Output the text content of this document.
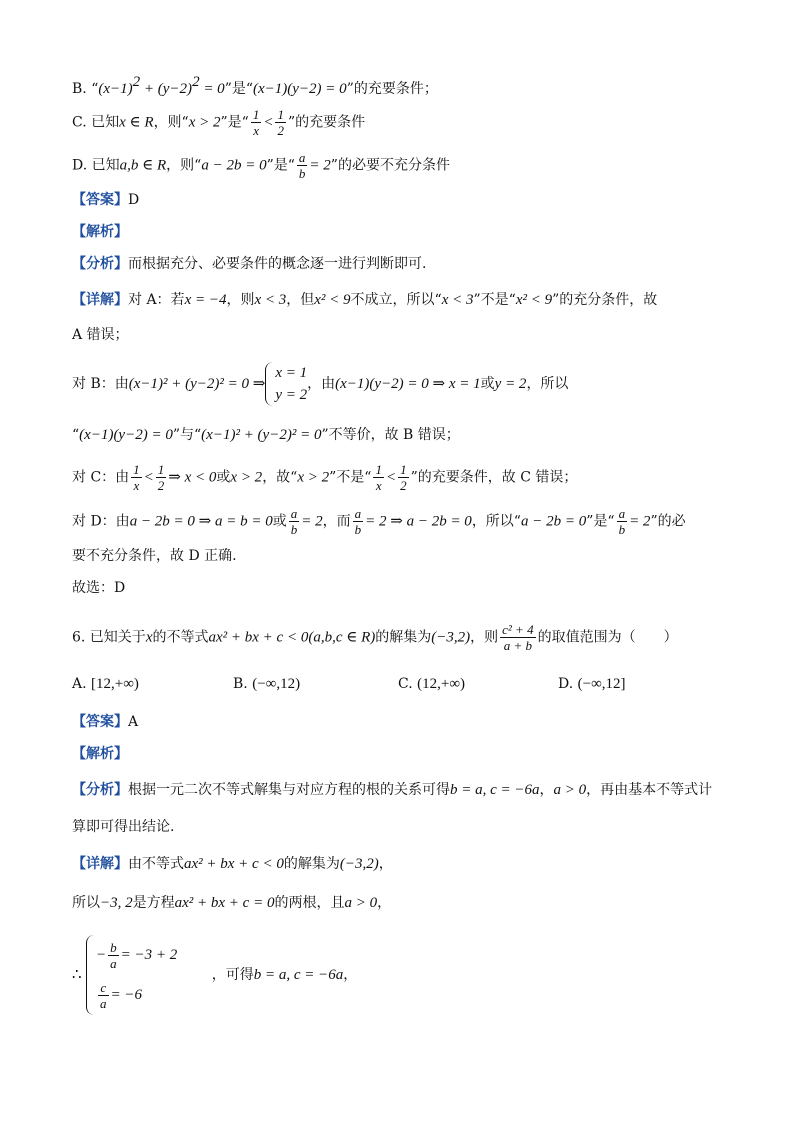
B. “$(x-1)^2 + (y-2)^2 = 0$”是“(x−1)(y−2) = 0”的充要条件；
C. 已知x ∈ R，则“x > 2”是“ $\frac{1}{x} < \frac{1}{2}$ ”的充要条件
D. 已知a,b ∈ R，则“a − 2b = 0”是“ $\frac{a}{b} = 2$”的必要不充分条件
【答案】D
【解析】
【分析】而根据充分、必要条件的概念逐一进行判断即可.
【详解】对 A：若x = −4，则x < 3，但x² < 9不成立，所以“x < 3”不是“x² < 9”的充分条件，故
A 错误；
对 B：由(x−1)² + (y−2)² = 0 ⇒
x = 1
y = 2
，由(x−1)(y−2) = 0 ⇒ x = 1或y = 2，所以
“(x−1)(y−2) = 0”与“(x−1)² + (y−2)² = 0”不等价，故 B 错误；
对 C：由 $\frac{1}{x} < \frac{1}{2}$ ⇒ x < 0或x > 2，故“x > 2”不是“ $\frac{1}{x} < \frac{1}{2}$ ”的充要条件，故 C 错误；
对 D：由a − 2b = 0 ⇒ a = b = 0或 $\frac{a}{b} = 2$，而 $\frac{a}{b} = 2$ ⇒ a − 2b = 0，所以“a − 2b = 0”是“ $\frac{a}{b} = 2$”的必
要不充分条件，故 D 正确.
故选：D
6. 已知关于x的不等式ax² + bx + c < 0(a,b,c ∈ R)的解集为(−3,2)，则 $\frac{\text{c² + 4}}{a + b}$ 的取值范围为（　　）
A. [12,+∞)	B. (−∞,12)	C. (12,+∞)	D. (−∞,12]
【答案】A
【解析】
【分析】根据一元二次不等式解集与对应方程的根的关系可得b = a, c = −6a，a > 0，再由基本不等式计
算即可得出结论.
【详解】由不等式ax² + bx + c < 0的解集为(−3,2)，
所以−3, 2是方程ax² + bx + c = 0的两根，且a > 0，
∴
− $\frac{b}{a} = -3 + 2$
$\frac{c}{a} = -6$
，可得b = a, c = −6a，
